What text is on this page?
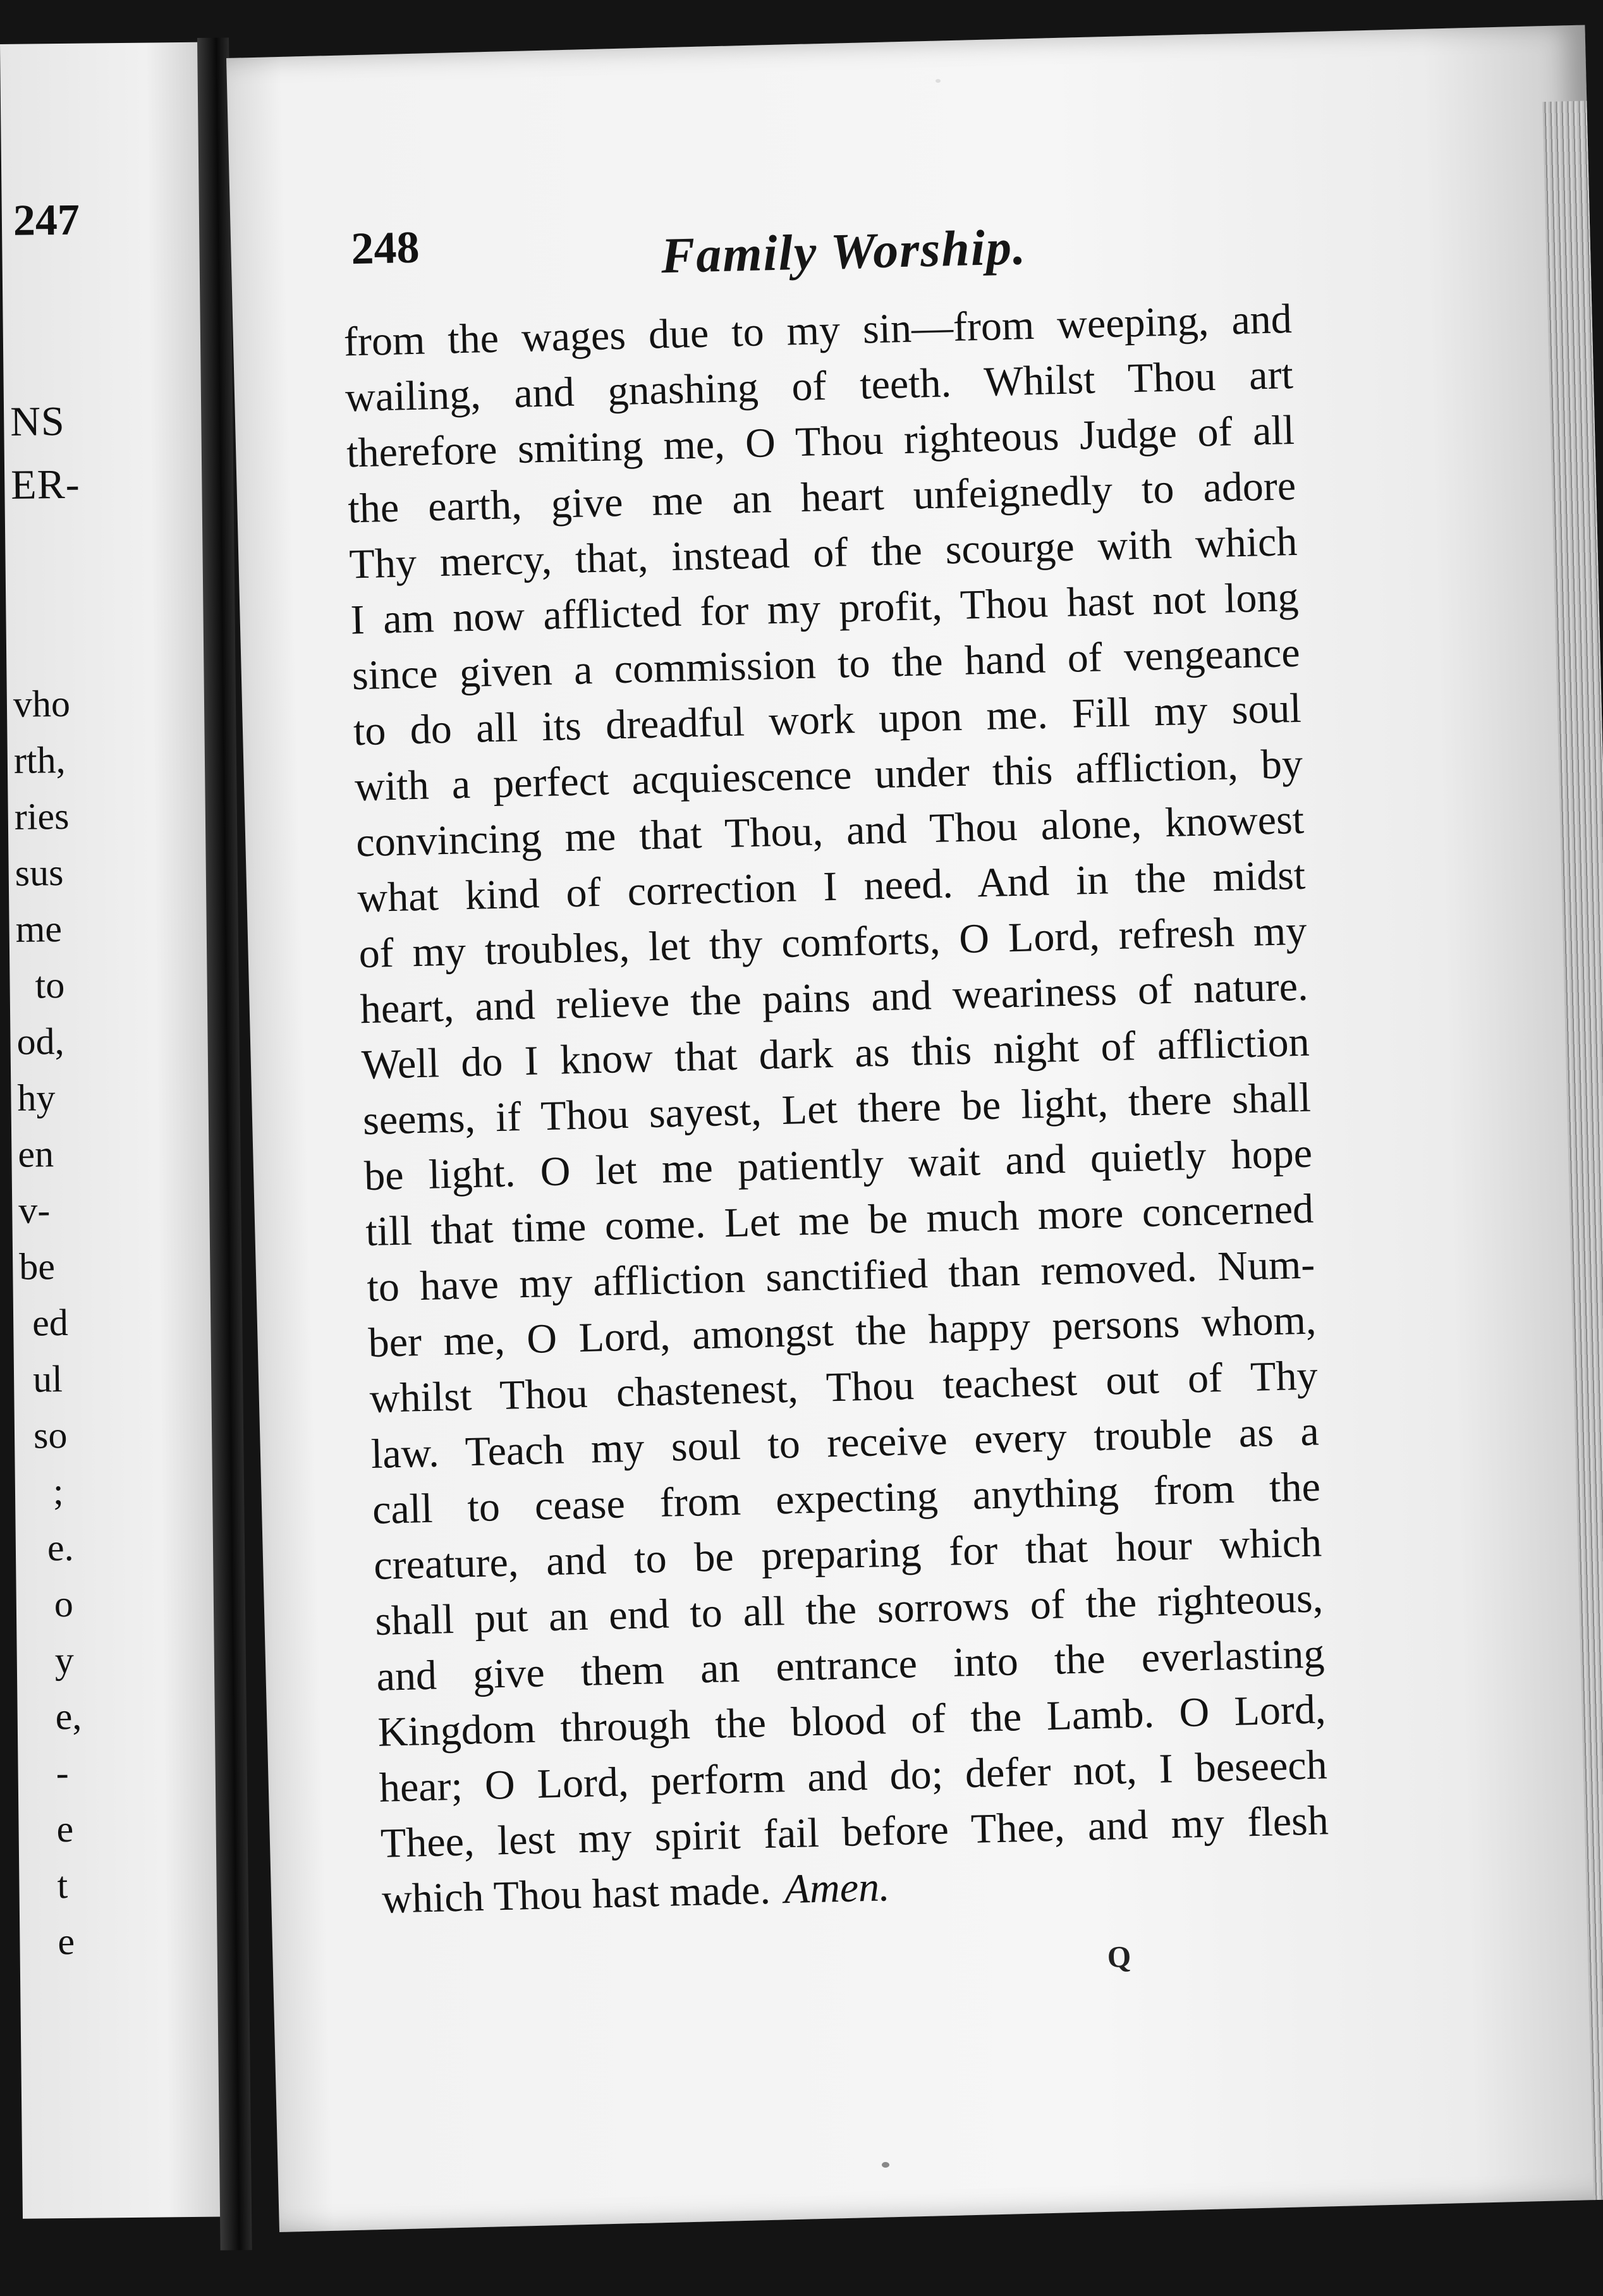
247
NS
ER-
vho
rth,
ries
sus
me
to
od,
hy
en
v-
be
ed
ul
so
;
e.
o
y
e,
-
e
t
e
248	Family Worship.
from the wages due to my sin—from weeping, and
wailing, and gnashing of teeth. Whilst Thou art
therefore smiting me, O Thou righteous Judge of all
the earth, give me an heart unfeignedly to adore
Thy mercy, that, instead of the scourge with which
I am now afflicted for my profit, Thou hast not long
since given a commission to the hand of vengeance
to do all its dreadful work upon me. Fill my soul
with a perfect acquiescence under this affliction, by
convincing me that Thou, and Thou alone, knowest
what kind of correction I need. And in the midst
of my troubles, let thy comforts, O Lord, refresh my
heart, and relieve the pains and weariness of nature.
Well do I know that dark as this night of affliction
seems, if Thou sayest, Let there be light, there shall
be light. O let me patiently wait and quietly hope
till that time come. Let me be much more concerned
to have my affliction sanctified than removed. Num-
ber me, O Lord, amongst the happy persons whom,
whilst Thou chastenest, Thou teachest out of Thy
law. Teach my soul to receive every trouble as a
call to cease from expecting anything from the
creature, and to be preparing for that hour which
shall put an end to all the sorrows of the righteous,
and give them an entrance into the everlasting
Kingdom through the blood of the Lamb. O Lord,
hear; O Lord, perform and do; defer not, I beseech
Thee, lest my spirit fail before Thee, and my flesh
which Thou hast made. Amen.
Q
